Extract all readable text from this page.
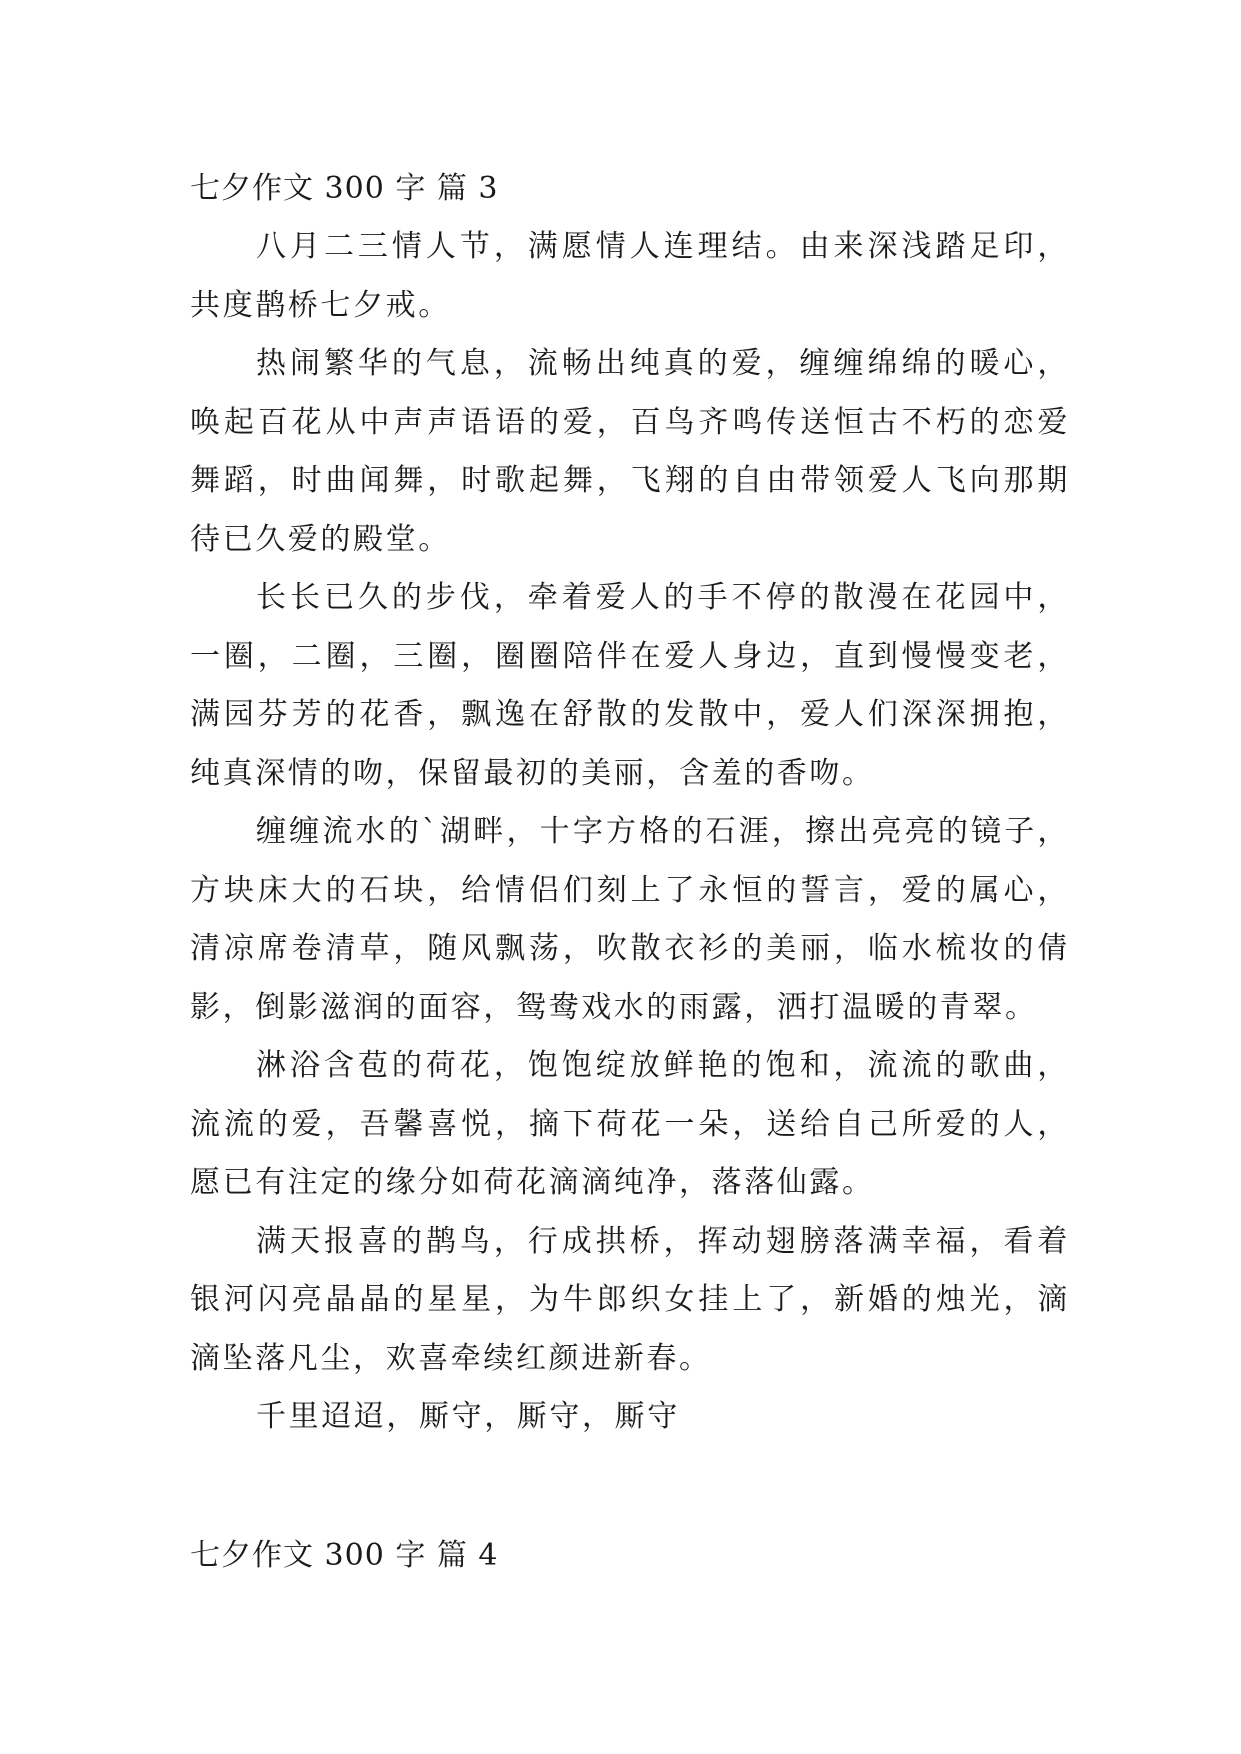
七夕作文 300 字 篇 3

八月二三情人节，满愿情人连理结。由来深浅踏足印，共度鹊桥七夕戒。

热闹繁华的气息，流畅出纯真的爱，缠缠绵绵的暖心，唤起百花从中声声语语的爱，百鸟齐鸣传送恒古不朽的恋爱舞蹈，时曲闻舞，时歌起舞，飞翔的自由带领爱人飞向那期待已久爱的殿堂。

长长已久的步伐，牵着爱人的手不停的散漫在花园中，一圈，二圈，三圈，圈圈陪伴在爱人身边，直到慢慢变老，满园芬芳的花香，飘逸在舒散的发散中，爱人们深深拥抱，纯真深情的吻，保留最初的美丽，含羞的香吻。

缠缠流水的`湖畔，十字方格的石涯，擦出亮亮的镜子，方块床大的石块，给情侣们刻上了永恒的誓言，爱的属心，清凉席卷清草，随风飘荡，吹散衣衫的美丽，临水梳妆的倩影，倒影滋润的面容，鸳鸯戏水的雨露，洒打温暖的青翠。

淋浴含苞的荷花，饱饱绽放鲜艳的饱和，流流的歌曲，流流的爱，吾馨喜悦，摘下荷花一朵，送给自己所爱的人，愿已有注定的缘分如荷花滴滴纯净，落落仙露。

满天报喜的鹊鸟，行成拱桥，挥动翅膀落满幸福，看着银河闪亮晶晶的星星，为牛郎织女挂上了，新婚的烛光，滴滴坠落凡尘，欢喜牵续红颜进新春。

千里迢迢，厮守，厮守，厮守

七夕作文 300 字 篇 4
